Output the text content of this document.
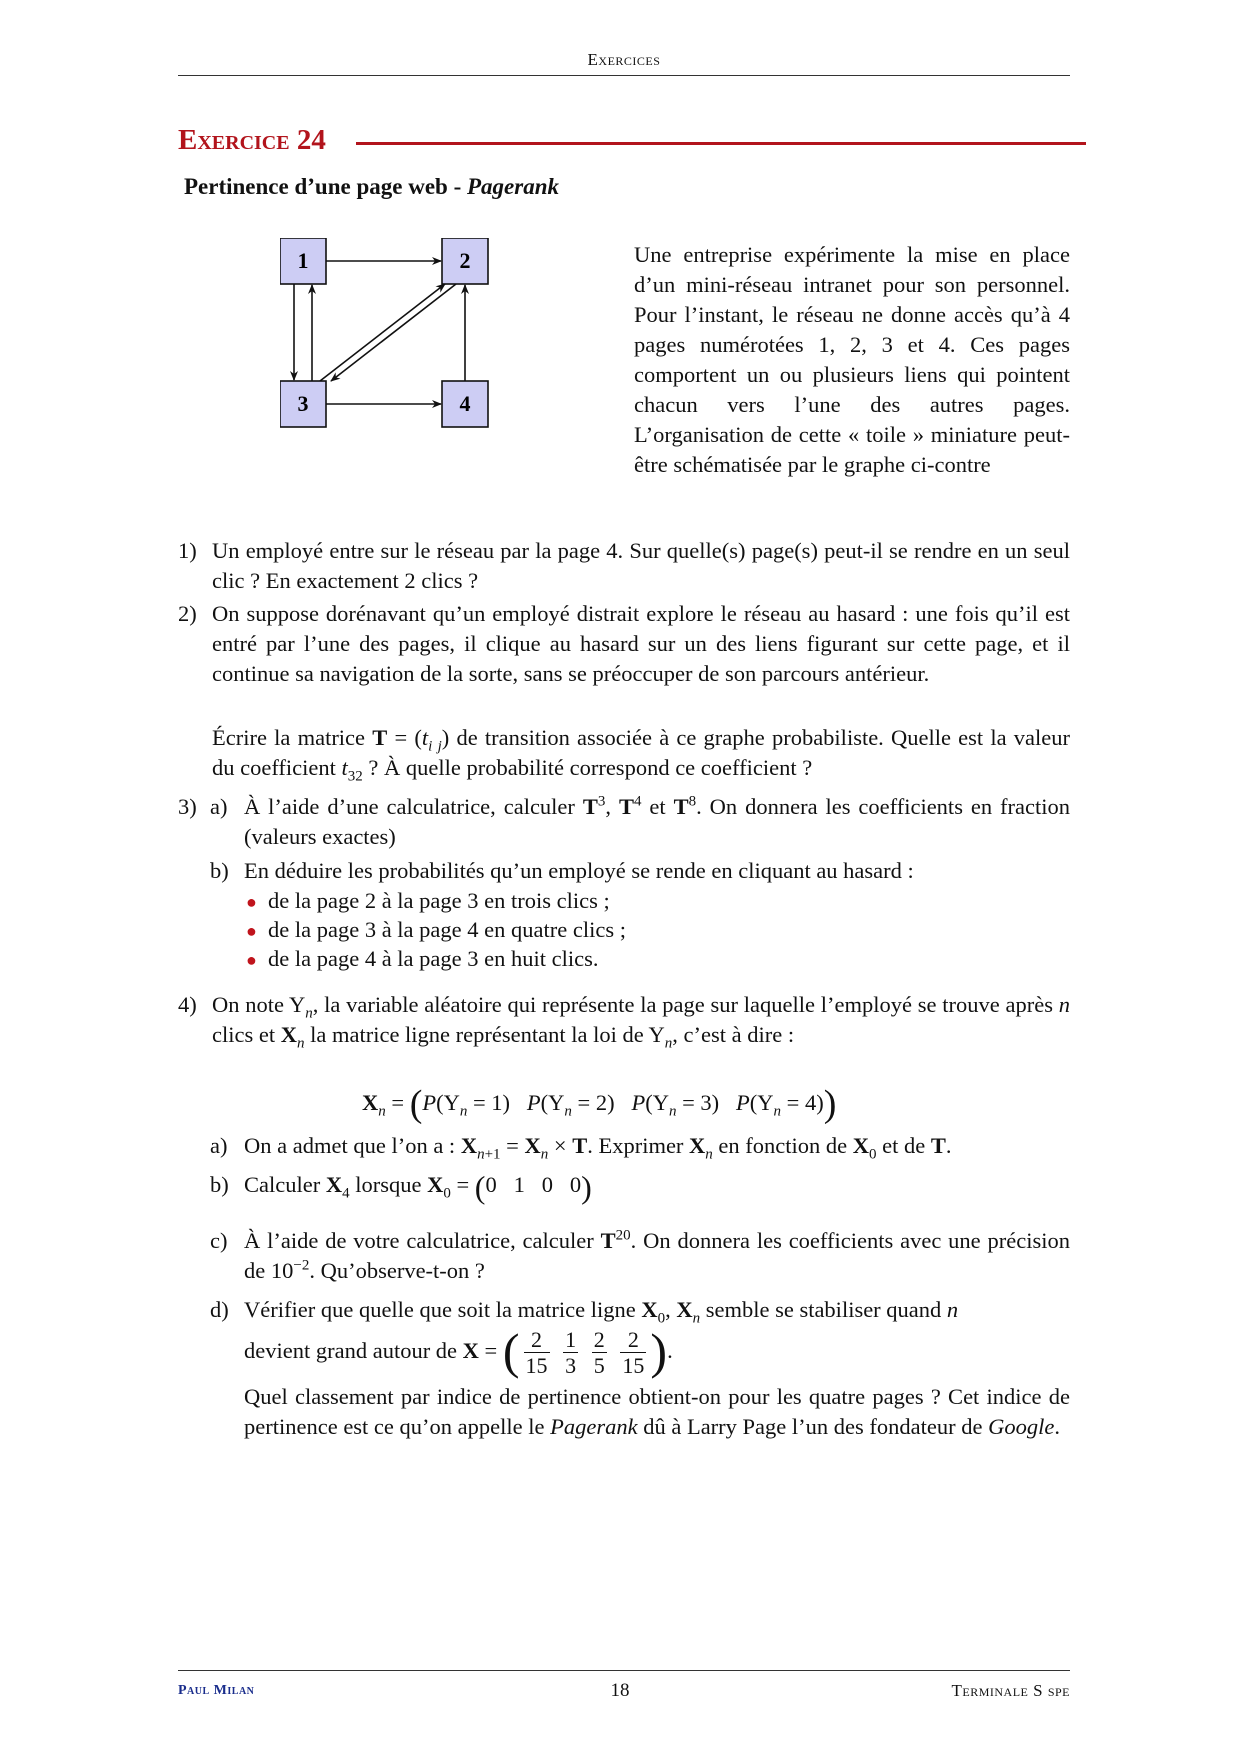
Exercices
Exercice 24
Pertinence d’une page web - Pagerank
1	2
3	4
Une entreprise expérimente la mise en place d’un mini-réseau intranet pour son personnel. Pour l’instant, le réseau ne donne accès qu’à 4 pages numérotées 1, 2, 3 et 4. Ces pages comportent un ou plusieurs liens qui pointent chacun vers l’une des autres pages. L’organisation de cette « toile » miniature peut-être schématisée par le graphe ci-contre
1) Un employé entre sur le réseau par la page 4. Sur quelle(s) page(s) peut-il se rendre en un seul clic ? En exactement 2 clics ?
2) On suppose dorénavant qu’un employé distrait explore le réseau au hasard : une fois qu’il est entré par l’une des pages, il clique au hasard sur un des liens figurant sur cette page, et il continue sa navigation de la sorte, sans se préoccuper de son parcours antérieur.
Écrire la matrice $T = (t_{i j})$ de transition associée à ce graphe probabiliste. Quelle est la valeur du coefficient $t_{32}$ ? À quelle probabilité correspond ce coefficient ?
3) a) À l’aide d’une calculatrice, calculer $T^3$, $T^4$ et $T^8$. On donnera les coefficients en fraction (valeurs exactes)
b) En déduire les probabilités qu’un employé se rende en cliquant au hasard :
● de la page 2 à la page 3 en trois clics ;
● de la page 3 à la page 4 en quatre clics ;
● de la page 4 à la page 3 en huit clics.
4) On note $Y_n$, la variable aléatoire qui représente la page sur laquelle l’employé se trouve après n clics et $X_n$ la matrice ligne représentant la loi de $Y_n$, c’est à dire :
$X_n = (P(Y_n = 1) P(Y_n = 2) P(Y_n = 3) P(Y_n = 4))$
a) On a admet que l’on a : $X_{n+1} = X_n \times T$. Exprimer $X_n$ en fonction de $X_0$ et de T.
b) Calculer $X_4$ lorsque $X_0 = (0$ 1 0 0)
c) À l’aide de votre calculatrice, calculer $T^{20}$. On donnera les coefficients avec une précision de $10^{-2}$. Qu’observe-t-on ?
d) Vérifier que quelle que soit la matrice ligne $X_0$, $X_n$ semble se stabiliser quand n
devient grand autour de X = ( $\frac{2}{15}$
$\frac{1}{3}$
$\frac{2}{5}$
$\frac{2}{15}$ ).
Quel classement par indice de pertinence obtient-on pour les quatre pages ? Cet indice de pertinence est ce qu’on appelle le Pagerank dû à Larry Page l’un des fondateur de Google.
Paul Milan	18	Terminale S spe
